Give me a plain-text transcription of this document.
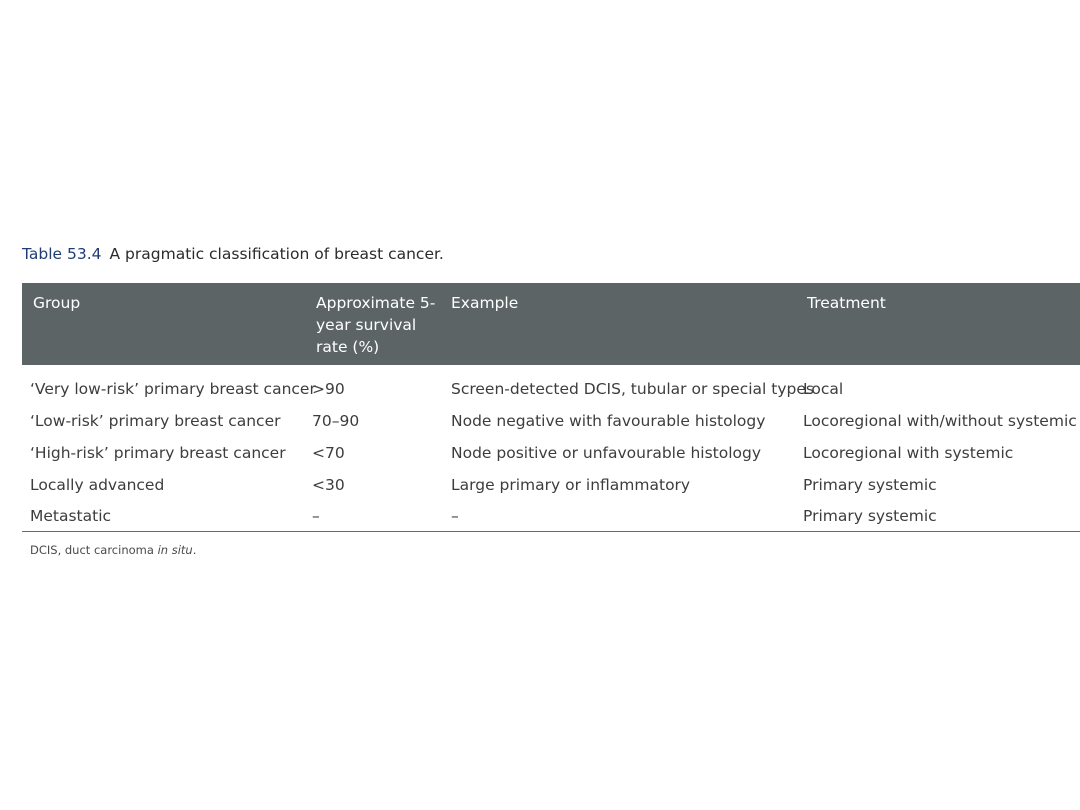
Table 53.4 A pragmatic classification of breast cancer.
Group	Approximate 5-year survival rate (%)	Example	Treatment
‘Very low-risk’ primary breast cancer	>90	Screen-detected DCIS, tubular or special types	Local
‘Low-risk’ primary breast cancer	70–90	Node negative with favourable histology	Locoregional with/without systemic
‘High-risk’ primary breast cancer	<70	Node positive or unfavourable histology	Locoregional with systemic
Locally advanced	<30	Large primary or inflammatory	Primary systemic
Metastatic	–	–	Primary systemic
DCIS, duct carcinoma in situ.
